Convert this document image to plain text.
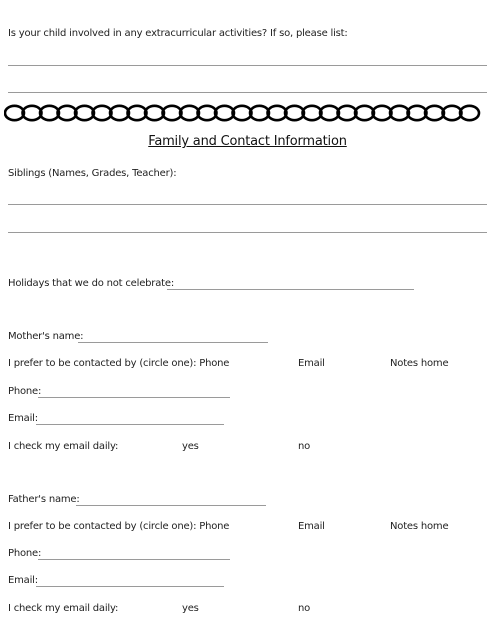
Is your child involved in any extracurricular activities? If so, please list:
Family and Contact Information
Siblings (Names, Grades, Teacher):
Holidays that we do not celebrate:
Mother's name:
I prefer to be contacted by (circle one): Phone	Email	Notes home
Phone:
Email:
I check my email daily:	yes	no
Father's name:
I prefer to be contacted by (circle one): Phone	Email	Notes home
Phone:
Email:
I check my email daily:	yes	no
